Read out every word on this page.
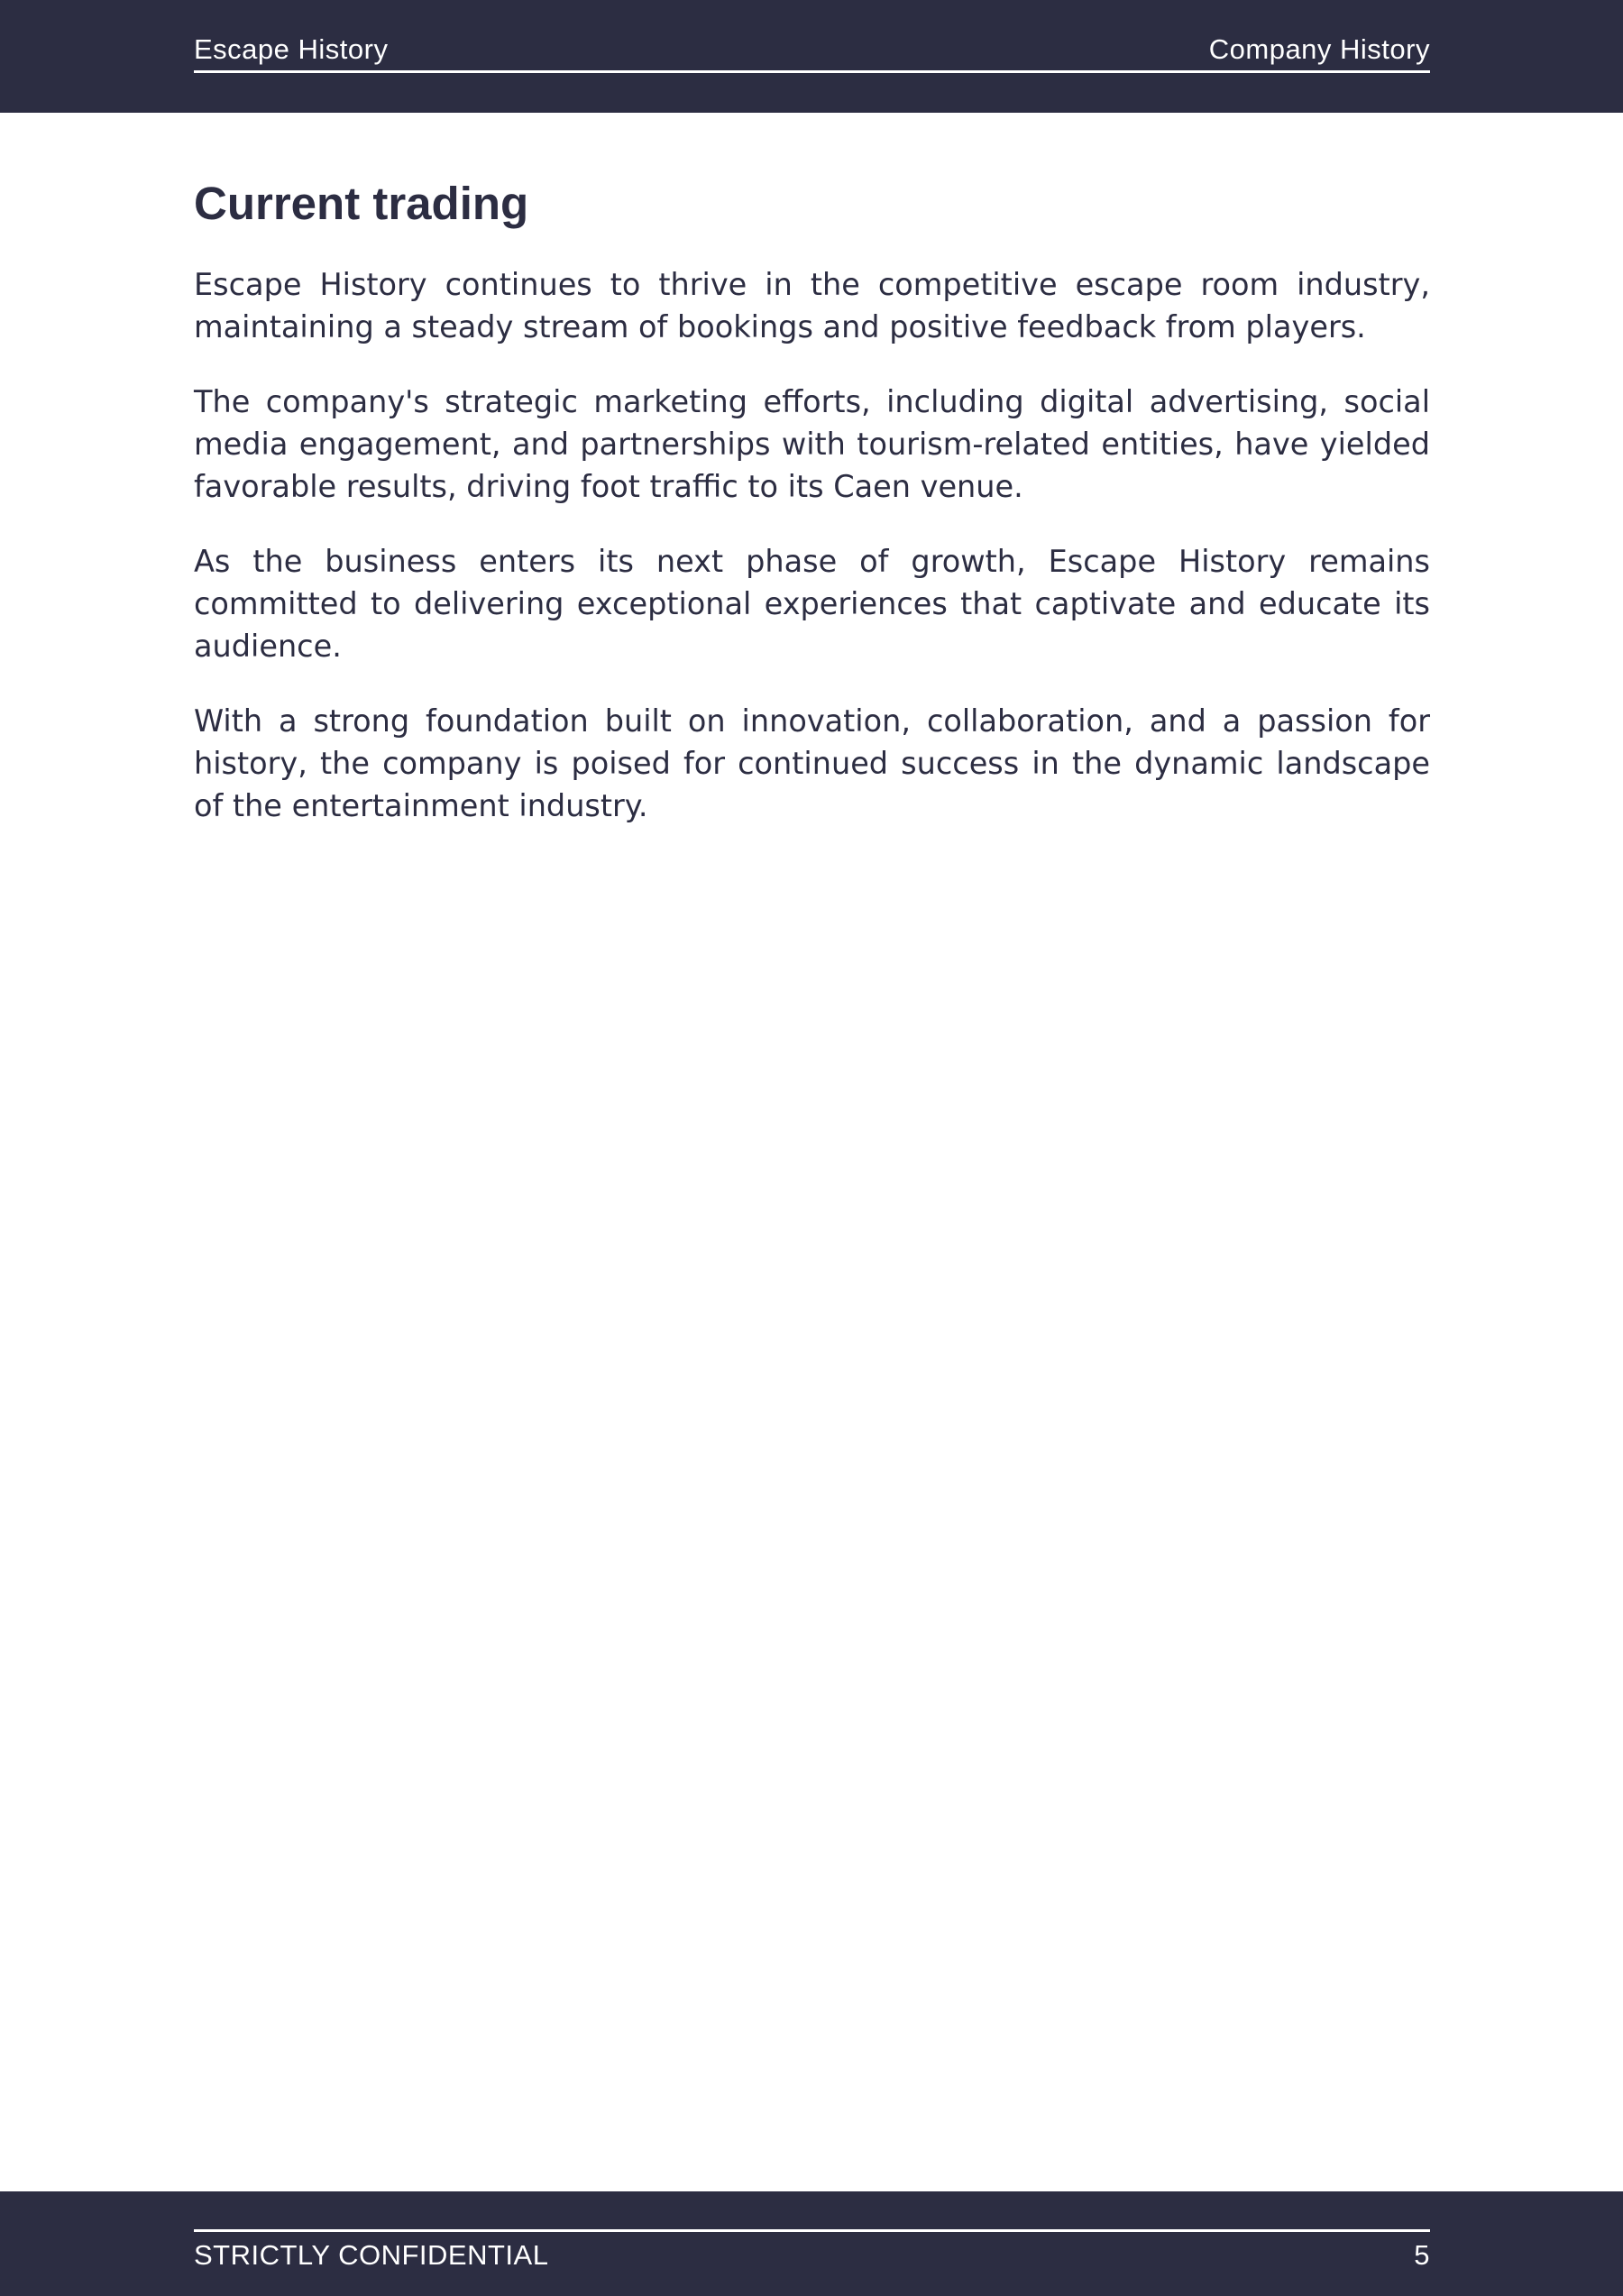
Escape History	Company History
Current trading

Escape History continues to thrive in the competitive escape room industry, maintaining a steady stream of bookings and positive feedback from players.

The company's strategic marketing efforts, including digital advertising, social media engagement, and partnerships with tourism-related entities, have yielded favorable results, driving foot traffic to its Caen venue.

As the business enters its next phase of growth, Escape History remains committed to delivering exceptional experiences that captivate and educate its audience.

With a strong foundation built on innovation, collaboration, and a passion for history, the company is poised for continued success in the dynamic landscape of the entertainment industry.

STRICTLY CONFIDENTIAL	5
